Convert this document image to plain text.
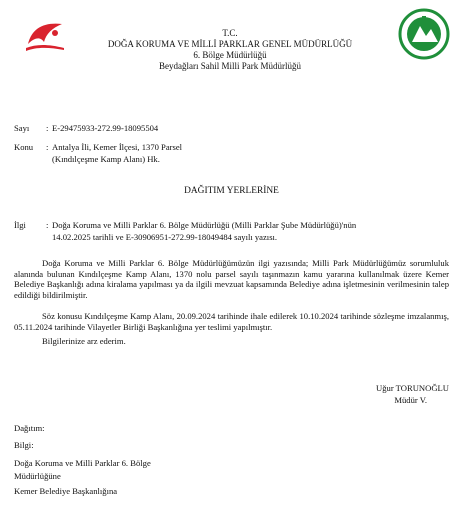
T.C.
DOĞA KORUMA VE MİLLİ PARKLAR GENEL MÜDÜRLÜĞÜ
6. Bölge Müdürlüğü
Beydağları Sahil Milli Park Müdürlüğü
Sayı : E-29475933-272.99-18095504
Konu : Antalya İli, Kemer İlçesi, 1370 Parsel
(Kındılçeşme Kamp Alanı) Hk.
DAĞITIM YERLERİNE
İlgi : Doğa Koruma ve Milli Parklar 6. Bölge Müdürlüğü (Milli Parklar Şube Müdürlüğü)'nün
14.02.2025 tarihli ve E-30906951-272.99-18049484 sayılı yazısı.
Doğa Koruma ve Milli Parklar 6. Bölge Müdürlüğümüzün ilgi yazısında; Milli Park Müdürlüğümüz sorumluluk alanında bulunan Kındılçeşme Kamp Alanı, 1370 nolu parsel sayılı taşınmazın kamu yararına kullanılmak üzere Kemer Belediye Başkanlığı adına kiralama yapılması ya da ilgili mevzuat kapsamında Belediye adına işletmesinin verilmesinin talep edildiği bildirilmiştir.
Söz konusu Kındılçeşme Kamp Alanı, 20.09.2024 tarihinde ihale edilerek 10.10.2024 tarihinde sözleşme imzalanmış, 05.11.2024 tarihinde Vilayetler Birliği Başkanlığına yer teslimi yapılmıştır.
Bilgilerinize arz ederim.
Uğur TORUNOĞLU
Müdür V.
Dağıtım:
Bilgi:
Doğa Koruma ve Milli Parklar 6. Bölge
Müdürlüğüne
Kemer Belediye Başkanlığına
